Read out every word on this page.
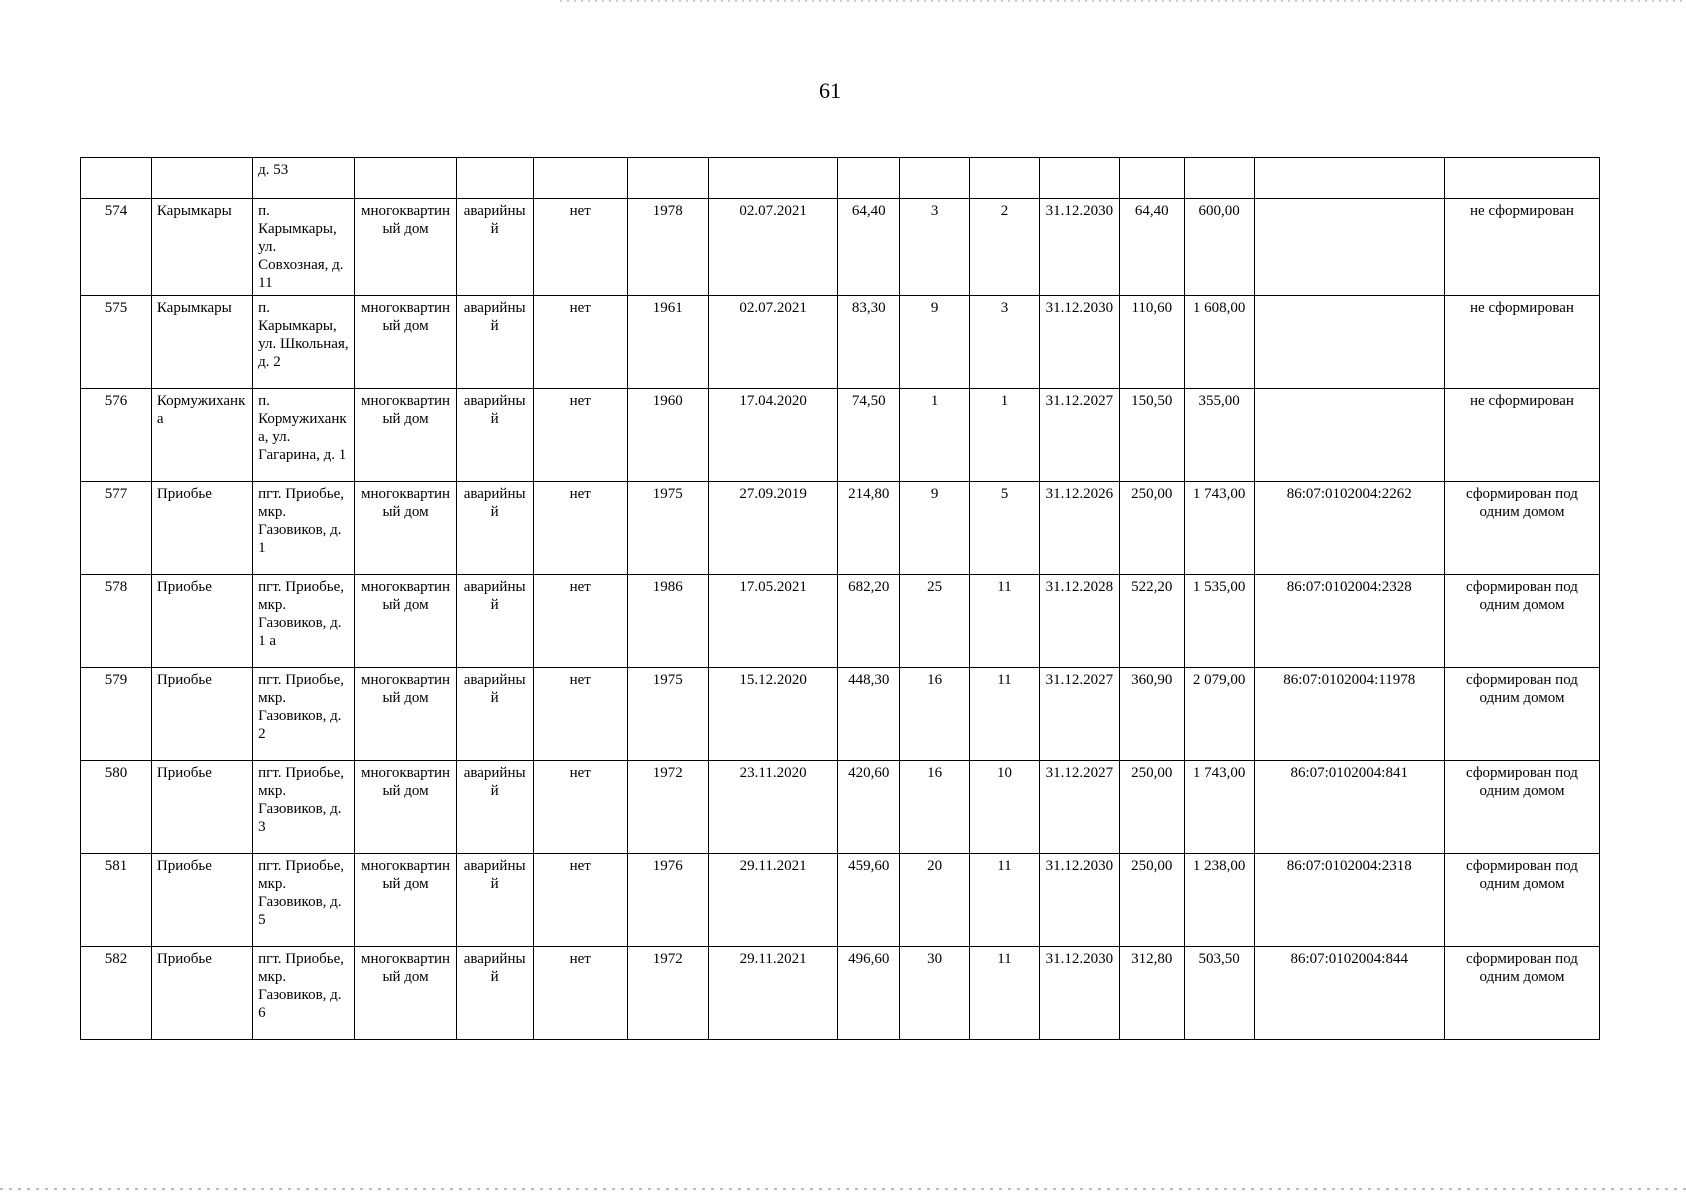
61
		д. 53													
574	Карымкары	п. Карымкары, ул. Совхозная, д. 11	многоквартиный дом	аварийный	нет	1978	02.07.2021	64,40	3	2	31.12.2030	64,40	600,00		не сформирован
575	Карымкары	п. Карымкары, ул. Школьная, д. 2	многоквартиный дом	аварийный	нет	1961	02.07.2021	83,30	9	3	31.12.2030	110,60	1 608,00		не сформирован
576	Кормужиханка	п. Кормужиханка, ул. Гагарина, д. 1	многоквартиный дом	аварийный	нет	1960	17.04.2020	74,50	1	1	31.12.2027	150,50	355,00		не сформирован
577	Приобье	пгт. Приобье, мкр. Газовиков, д. 1	многоквартиный дом	аварийный	нет	1975	27.09.2019	214,80	9	5	31.12.2026	250,00	1 743,00	86:07:0102004:2262	сформирован под одним домом
578	Приобье	пгт. Приобье, мкр. Газовиков, д. 1 а	многоквартиный дом	аварийный	нет	1986	17.05.2021	682,20	25	11	31.12.2028	522,20	1 535,00	86:07:0102004:2328	сформирован под одним домом
579	Приобье	пгт. Приобье, мкр. Газовиков, д. 2	многоквартиный дом	аварийный	нет	1975	15.12.2020	448,30	16	11	31.12.2027	360,90	2 079,00	86:07:0102004:11978	сформирован под одним домом
580	Приобье	пгт. Приобье, мкр. Газовиков, д. 3	многоквартиный дом	аварийный	нет	1972	23.11.2020	420,60	16	10	31.12.2027	250,00	1 743,00	86:07:0102004:841	сформирован под одним домом
581	Приобье	пгт. Приобье, мкр. Газовиков, д. 5	многоквартиный дом	аварийный	нет	1976	29.11.2021	459,60	20	11	31.12.2030	250,00	1 238,00	86:07:0102004:2318	сформирован под одним домом
582	Приобье	пгт. Приобье, мкр. Газовиков, д. 6	многоквартиный дом	аварийный	нет	1972	29.11.2021	496,60	30	11	31.12.2030	312,80	503,50	86:07:0102004:844	сформирован под одним домом
